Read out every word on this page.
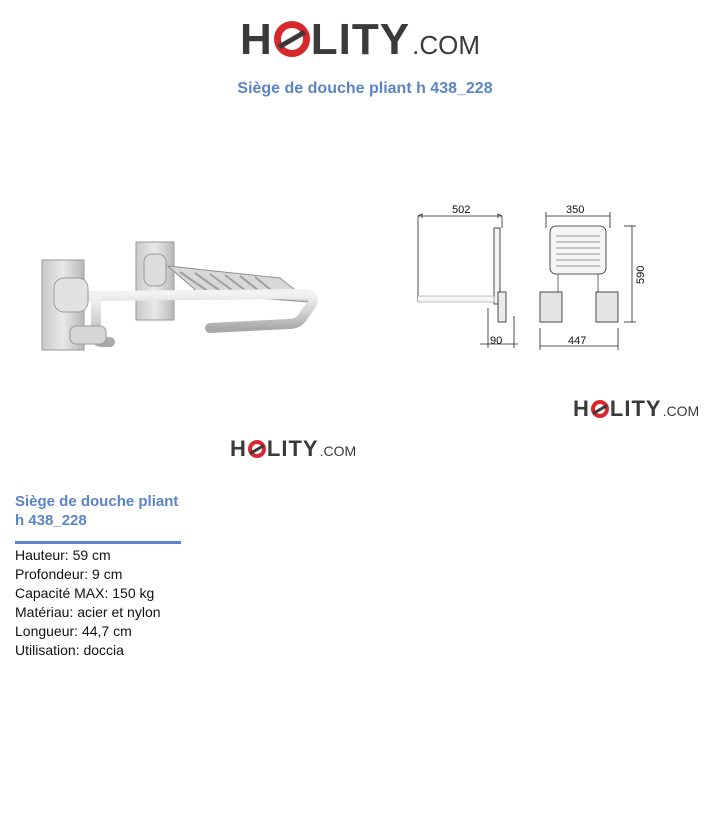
H LITY .COM
Siège de douche pliant h 438_228
502	350
590
90	447
H LITY .COM
H LITY .COM
Siège de douche pliant h 438_228
Hauteur: 59 cm
Profondeur: 9 cm
Capacité MAX: 150 kg
Matériau: acier et nylon
Longueur: 44,7 cm
Utilisation: doccia
